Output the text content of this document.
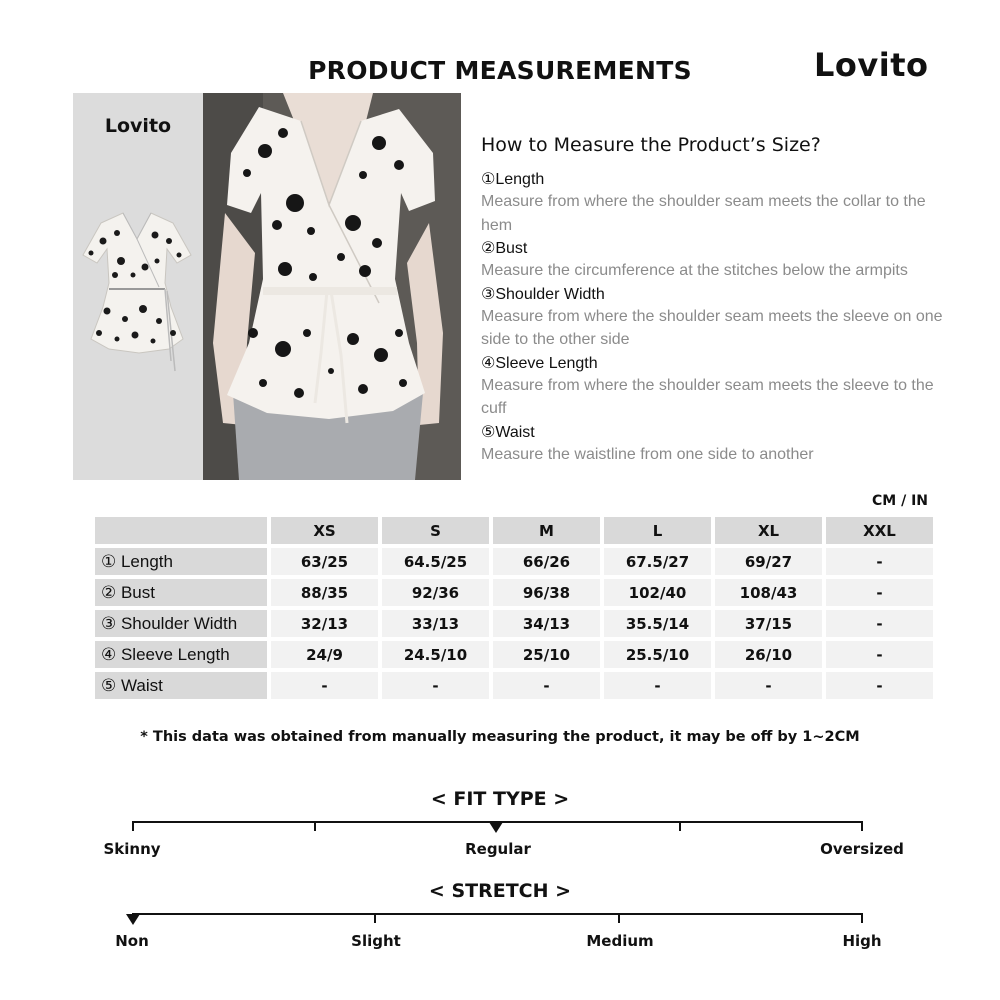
PRODUCT MEASUREMENTS	Lovito
Lovito
How to Measure the Product’s Size?
①Length
Measure from where the shoulder seam meets the collar to the hem
②Bust
Measure the circumference at the stitches below the armpits
③Shoulder Width
Measure from where the shoulder seam meets the sleeve on one side to the other side
④Sleeve Length
Measure from where the shoulder seam meets the sleeve to the cuff
⑤Waist
Measure the waistline from one side to another
CM / IN
	XS	S	M	L	XL	XXL
① Length	63/25	64.5/25	66/26	67.5/27	69/27	-
② Bust	88/35	92/36	96/38	102/40	108/43	-
③ Shoulder Width	32/13	33/13	34/13	35.5/14	37/15	-
④ Sleeve Length	24/9	24.5/10	25/10	25.5/10	26/10	-
⑤ Waist	-	-	-	-	-	-
* This data was obtained from manually measuring the product, it may be off by 1~2CM
< FIT TYPE >
Skinny	Regular	Oversized
< STRETCH >
Non	Slight	Medium	High
